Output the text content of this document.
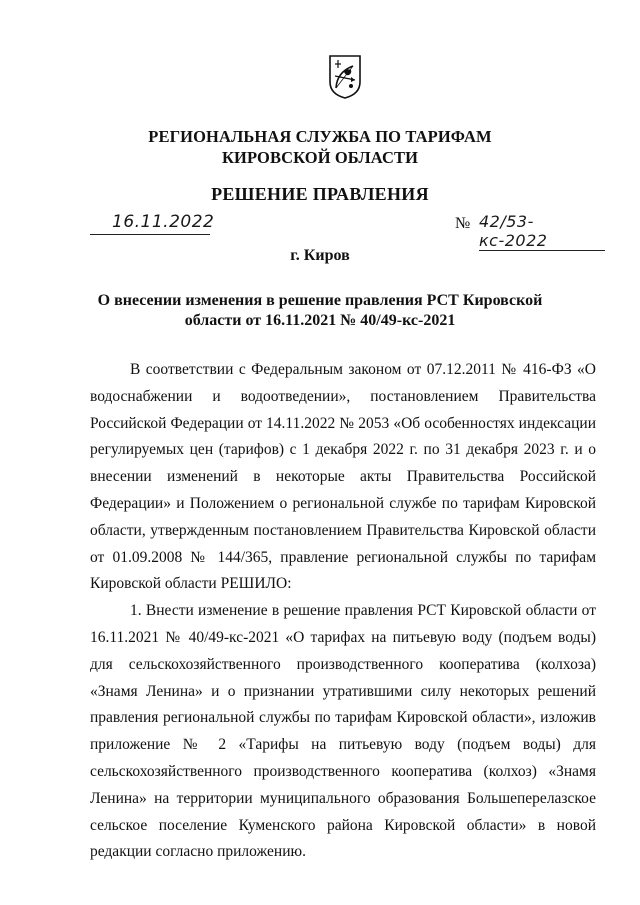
РЕГИОНАЛЬНАЯ СЛУЖБА ПО ТАРИФАМ
КИРОВСКОЙ ОБЛАСТИ
РЕШЕНИЕ ПРАВЛЕНИЯ
16.11.2022	№ 42/53-кс-2022
г. Киров
О внесении изменения в решение правления РСТ Кировской
области от 16.11.2021 № 40/49-кс-2021

В соответствии с Федеральным законом от 07.12.2011 № 416-ФЗ «О водоснабжении и водоотведении», постановлением Правительства Российской Федерации от 14.11.2022 № 2053 «Об особенностях индексации регулируемых цен (тарифов) с 1 декабря 2022 г. по 31 декабря 2023 г. и о внесении изменений в некоторые акты Правительства Российской Федерации» и Положением о региональной службе по тарифам Кировской области, утвержденным постановлением Правительства Кировской области от 01.09.2008 № 144/365, правление региональной службы по тарифам Кировской области РЕШИЛО:

1. Внести изменение в решение правления РСТ Кировской области от 16.11.2021 № 40/49-кс-2021 «О тарифах на питьевую воду (подъем воды) для сельскохозяйственного производственного кооператива (колхоза) «Знамя Ленина» и о признании утратившими силу некоторых решений правления региональной службы по тарифам Кировской области», изложив приложение № 2 «Тарифы на питьевую воду (подъем воды) для сельскохозяйственного производственного кооператива (колхоз) «Знамя Ленина» на территории муниципального образования Большеперелазское сельское поселение Куменского района Кировской области» в новой редакции согласно приложению.
